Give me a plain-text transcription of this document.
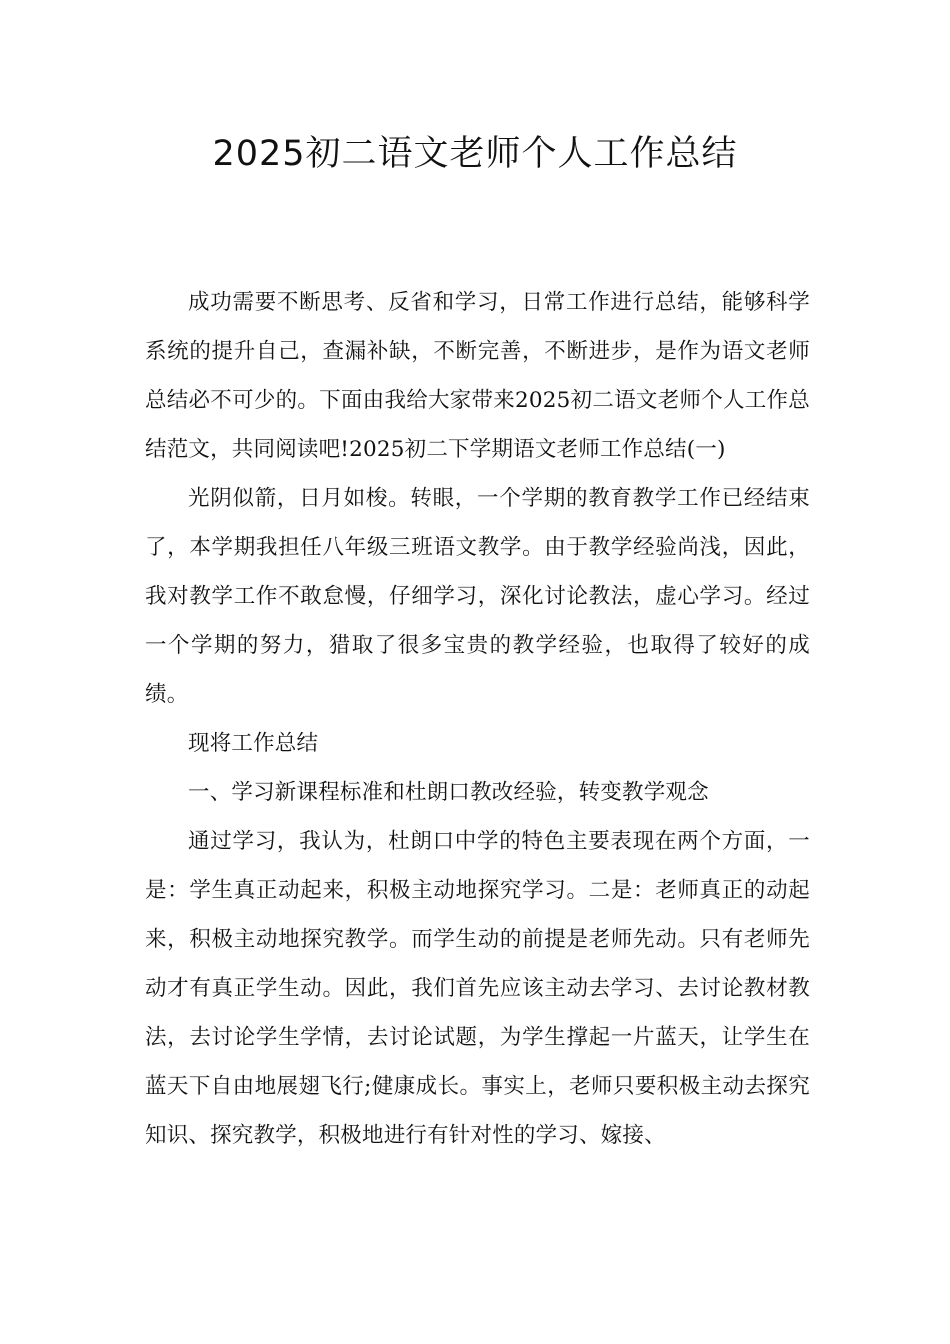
2025初二语文老师个人工作总结

成功需要不断思考、反省和学习，日常工作进行总结，能够科学系统的提升自己，查漏补缺，不断完善，不断进步，是作为语文老师总结必不可少的。下面由我给大家带来2025初二语文老师个人工作总结范文，共同阅读吧!2025初二下学期语文老师工作总结(一)

光阴似箭，日月如梭。转眼，一个学期的教育教学工作已经结束了，本学期我担任八年级三班语文教学。由于教学经验尚浅，因此，我对教学工作不敢怠慢，仔细学习，深化讨论教法，虚心学习。经过一个学期的努力，猎取了很多宝贵的教学经验，也取得了较好的成绩。

现将工作总结

一、学习新课程标准和杜朗口教改经验，转变教学观念

通过学习，我认为，杜朗口中学的特色主要表现在两个方面，一是：学生真正动起来，积极主动地探究学习。二是：老师真正的动起来，积极主动地探究教学。而学生动的前提是老师先动。只有老师先动才有真正学生动。因此，我们首先应该主动去学习、去讨论教材教法，去讨论学生学情，去讨论试题，为学生撑起一片蓝天，让学生在蓝天下自由地展翅飞行;健康成长。事实上，老师只要积极主动去探究知识、探究教学，积极地进行有针对性的学习、嫁接、
